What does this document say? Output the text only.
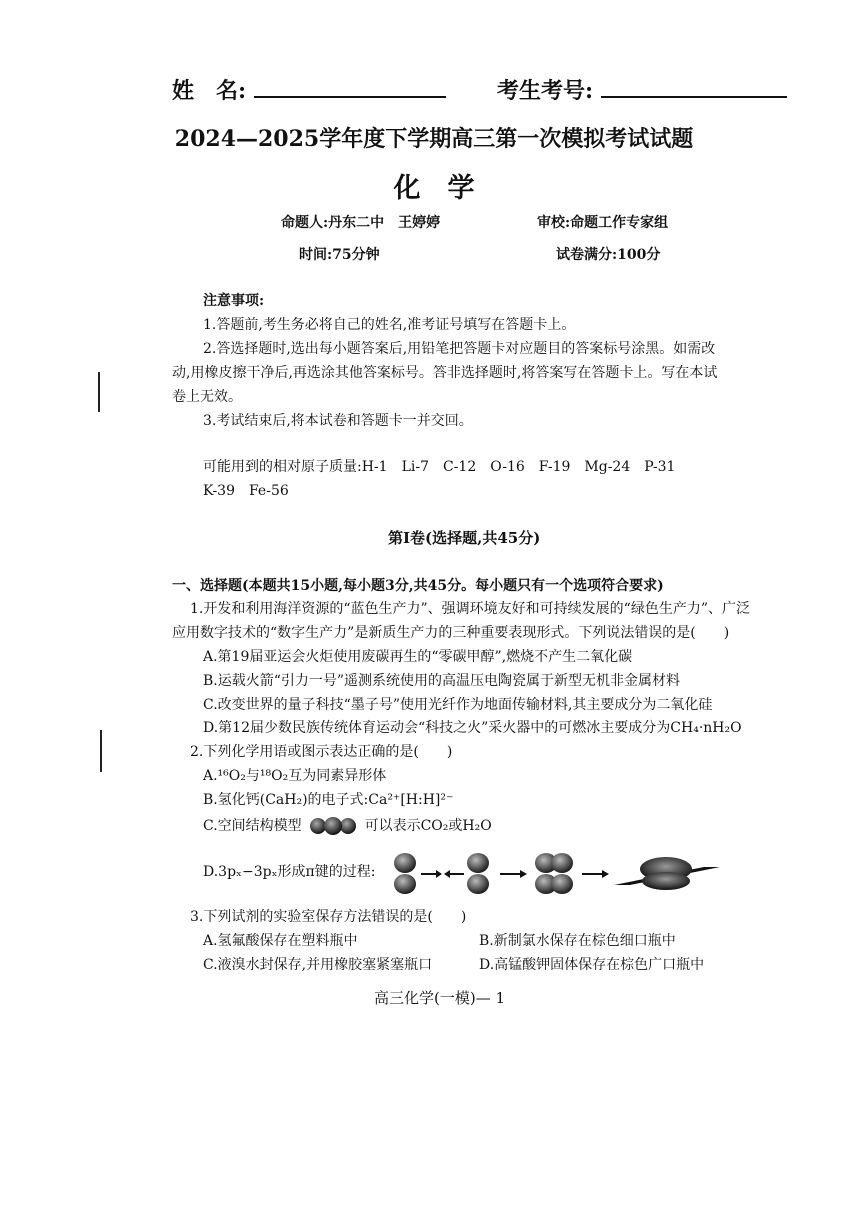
姓　名:	考生考号:
2024—2025学年度下学期高三第一次模拟考试试题
化　学
命题人:丹东二中　王婷婷	审校:命题工作专家组
时间:75分钟	试卷满分:100分
注意事项:
1.答题前,考生务必将自己的姓名,准考证号填写在答题卡上。
2.答选择题时,选出每小题答案后,用铅笔把答题卡对应题目的答案标号涂黑。如需改
动,用橡皮擦干净后,再选涂其他答案标号。答非选择题时,将答案写在答题卡上。写在本试
卷上无效。
3.考试结束后,将本试卷和答题卡一并交回。
可能用到的相对原子质量:H-1　Li-7　C-12　O-16　F-19　Mg-24　P-31
K-39　Fe-56
第Ⅰ卷(选择题,共45分)
一、选择题(本题共15小题,每小题3分,共45分。每小题只有一个选项符合要求)
1.开发和利用海洋资源的“蓝色生产力”、强调环境友好和可持续发展的“绿色生产力”、广泛
应用数字技术的“数字生产力”是新质生产力的三种重要表现形式。下列说法错误的是(　　)
A.第19届亚运会火炬使用废碳再生的“零碳甲醇”,燃烧不产生二氧化碳
B.运载火箭“引力一号”遥测系统使用的高温压电陶瓷属于新型无机非金属材料
C.改变世界的量子科技“墨子号”使用光纤作为地面传输材料,其主要成分为二氧化硅
D.第12届少数民族传统体育运动会“科技之火”采火器中的可燃冰主要成分为CH₄·nH₂O
2.下列化学用语或图示表达正确的是(　　)
A.¹⁶O₂与¹⁸O₂互为同素异形体
B.氢化钙(CaH₂)的电子式:Ca²⁺[H:H]²⁻
C.空间结构模型	可以表示CO₂或H₂O
D.3pₓ−3pₓ形成π键的过程:
3.下列试剂的实验室保存方法错误的是(　　)
A.氢氟酸保存在塑料瓶中	B.新制氯水保存在棕色细口瓶中
C.液溴水封保存,并用橡胶塞紧塞瓶口	D.高锰酸钾固体保存在棕色广口瓶中
高三化学(一模)— 1
